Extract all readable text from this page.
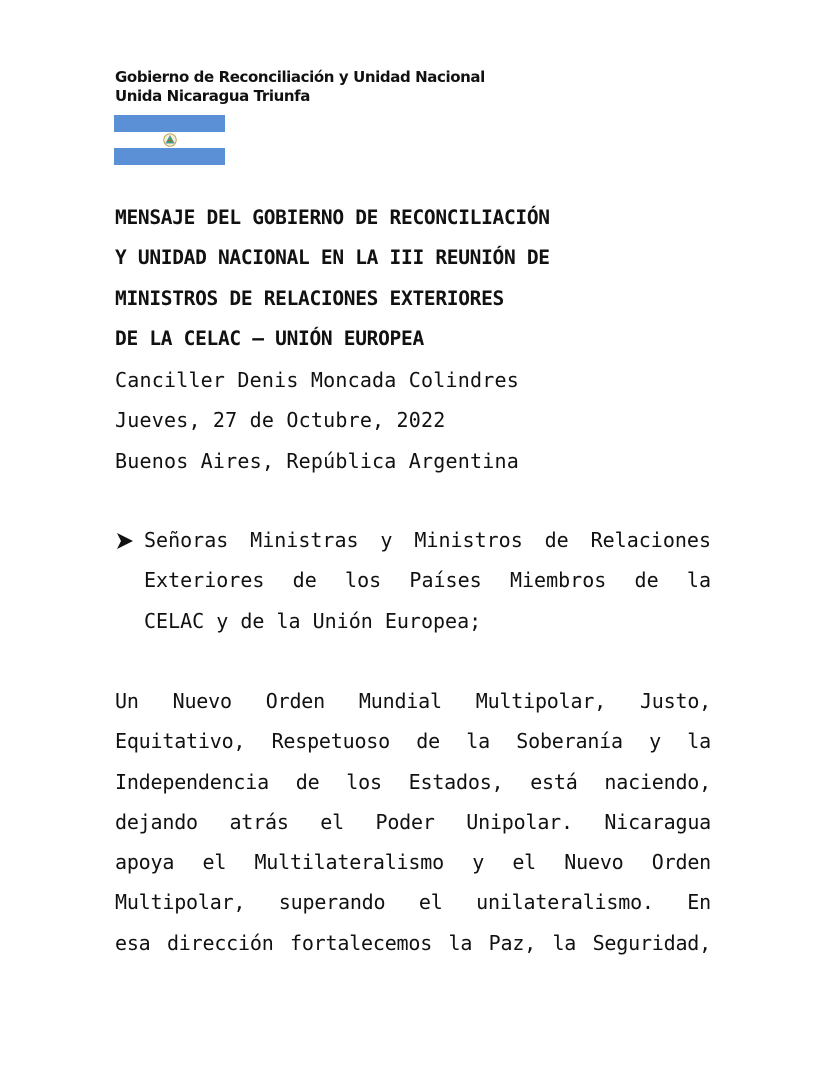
Gobierno de Reconciliación y Unidad Nacional
Unida Nicaragua Triunfa
MENSAJE DEL GOBIERNO DE RECONCILIACIÓN
Y UNIDAD NACIONAL EN LA III REUNIÓN DE
MINISTROS DE RELACIONES EXTERIORES
DE LA CELAC – UNIÓN EUROPEA
Canciller Denis Moncada Colindres
Jueves, 27 de Octubre, 2022
Buenos Aires, República Argentina
Señoras Ministras y Ministros de Relaciones
Exteriores de los Países Miembros de la
CELAC y de la Unión Europea;
Un Nuevo Orden Mundial Multipolar, Justo,
Equitativo, Respetuoso de la Soberanía y la
Independencia de los Estados, está naciendo,
dejando atrás el Poder Unipolar. Nicaragua
apoya el Multilateralismo y el Nuevo Orden
Multipolar, superando el unilateralismo. En
esa dirección fortalecemos la Paz, la Seguridad,
